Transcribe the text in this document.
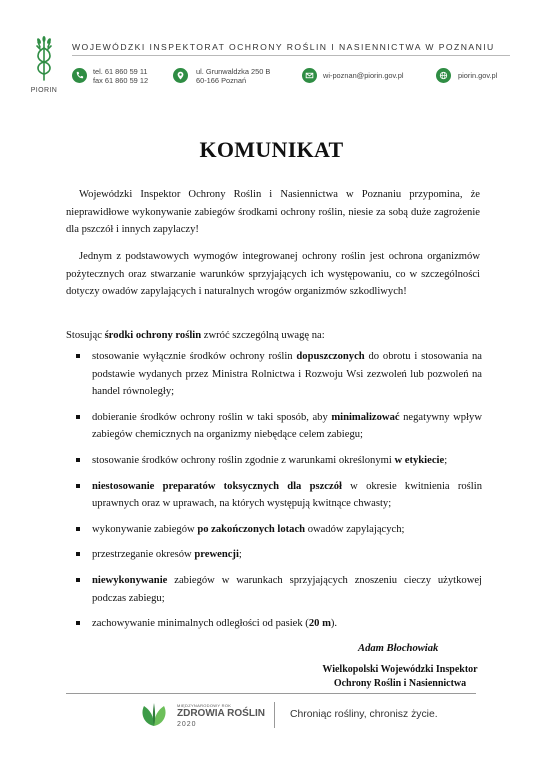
PIORIN
WOJEWÓDZKI INSPEKTORAT OCHRONY ROŚLIN I NASIENNICTWA W POZNANIU
tel. 61 860 59 11
fax 61 860 59 12
ul. Grunwaldzka 250 B
60-166 Poznań
wi-poznan@piorin.gov.pl	piorin.gov.pl
KOMUNIKAT

Wojewódzki Inspektor Ochrony Roślin i Nasiennictwa w Poznaniu przypomina, że nieprawidłowe wykonywanie zabiegów środkami ochrony roślin, niesie za sobą duże zagrożenie dla pszczół i innych zapylaczy!

Jednym z podstawowych wymogów integrowanej ochrony roślin jest ochrona organizmów pożytecznych oraz stwarzanie warunków sprzyjających ich występowaniu, co w szczególności dotyczy owadów zapylających i naturalnych wrogów organizmów szkodliwych!

Stosując środki ochrony roślin zwróć szczególną uwagę na:

stosowanie wyłącznie środków ochrony roślin dopuszczonych do obrotu i stosowania na podstawie wydanych przez Ministra Rolnictwa i Rozwoju Wsi zezwoleń lub pozwoleń na handel równoległy;
dobieranie środków ochrony roślin w taki sposób, aby minimalizować negatywny wpływ zabiegów chemicznych na organizmy niebędące celem zabiegu;
stosowanie środków ochrony roślin zgodnie z warunkami określonymi w etykiecie;
niestosowanie preparatów toksycznych dla pszczół w okresie kwitnienia roślin uprawnych oraz w uprawach, na których występują kwitnące chwasty;
wykonywanie zabiegów po zakończonych lotach owadów zapylających;
przestrzeganie okresów prewencji;
niewykonywanie zabiegów w warunkach sprzyjających znoszeniu cieczy użytkowej podczas zabiegu;
zachowywanie minimalnych odległości od pasiek (20 m).
Adam Błochowiak
Wielkopolski Wojewódzki Inspektor
Ochrony Roślin i Nasiennictwa
MIĘDZYNARODOWY ROK
ZDROWIA ROŚLIN
2020
Chroniąc rośliny, chronisz życie.
